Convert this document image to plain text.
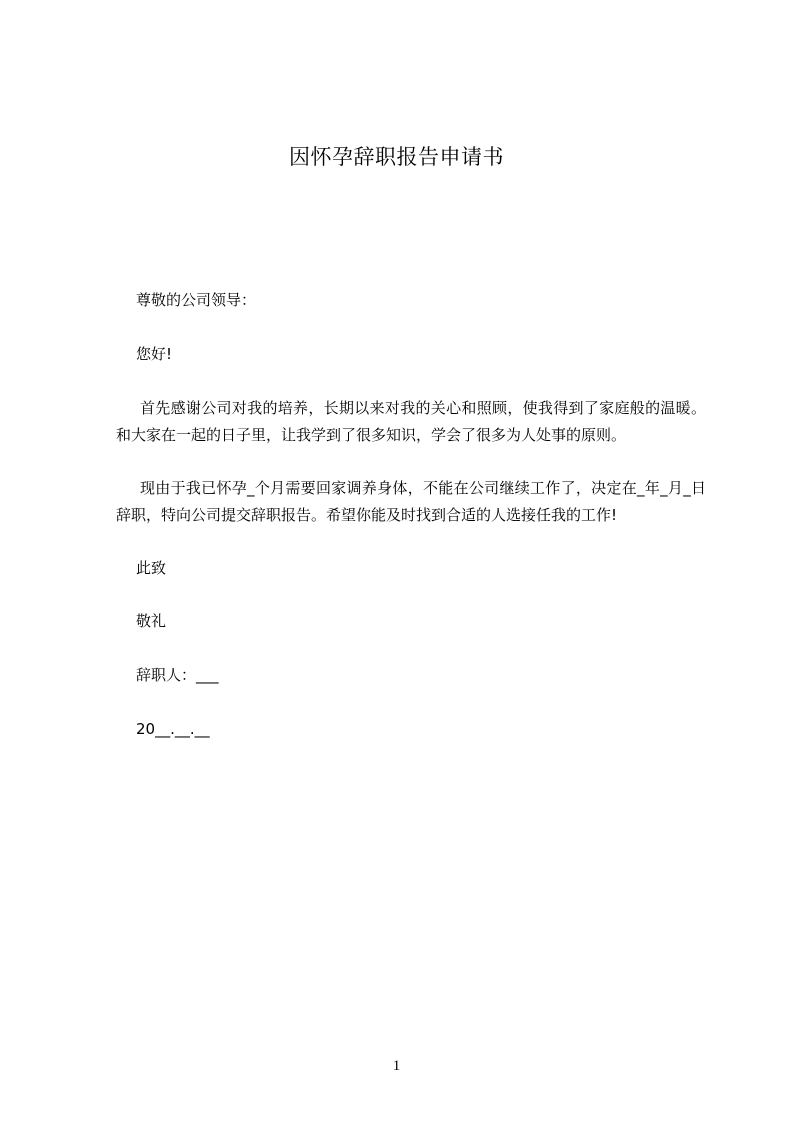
因怀孕辞职报告申请书
尊敬的公司领导：
您好!
首先感谢公司对我的培养，长期以来对我的关心和照顾，使我得到了家庭般的温暖。和大家在一起的日子里，让我学到了很多知识，学会了很多为人处事的原则。
现由于我已怀孕_个月需要回家调养身体，不能在公司继续工作了，决定在_年_月_日辞职，特向公司提交辞职报告。希望你能及时找到合适的人选接任我的工作!
此致
敬礼
辞职人：___
20__.__.__
1
